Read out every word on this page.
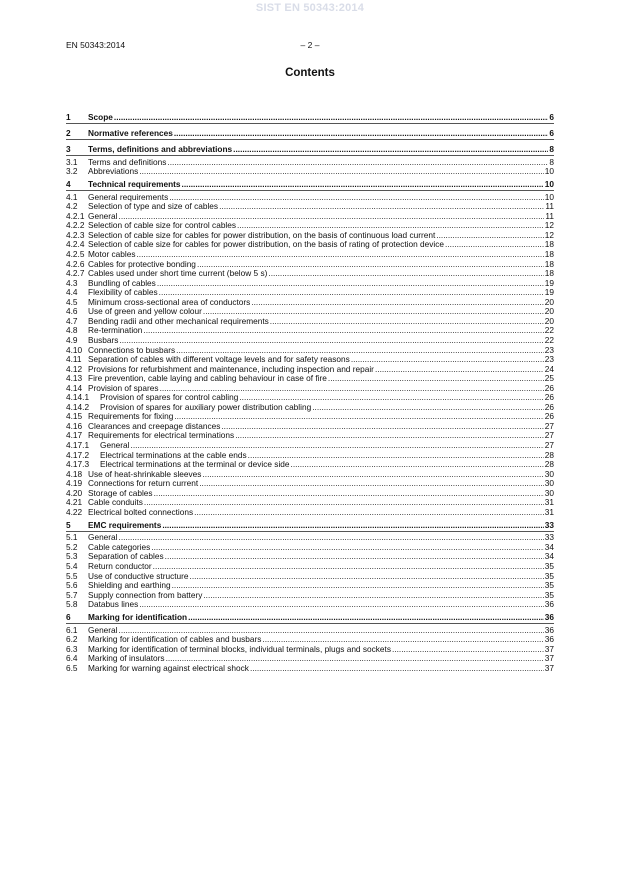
SIST EN 50343:2014
EN 50343:2014	– 2 –
Contents
1 Scope .....	6
2 Normative references .....	6
3 Terms, definitions and abbreviations .....	8
3.1 Terms and definitions .....	8
3.2 Abbreviations .....	10
4 Technical requirements .....	10
4.1 General requirements .....	10
4.2 Selection of type and size of cables .....	11
4.2.1 General .....	11
4.2.2 Selection of cable size for control cables .....	12
4.2.3 Selection of cable size for cables for power distribution, on the basis of continuous load current .....	12
4.2.4 Selection of cable size for cables for power distribution, on the basis of rating of protection device .....	18
4.2.5 Motor cables .....	18
4.2.6 Cables for protective bonding .....	18
4.2.7 Cables used under short time current (below 5 s) .....	18
4.3 Bundling of cables .....	19
4.4 Flexibility of cables .....	19
4.5 Minimum cross-sectional area of conductors .....	20
4.6 Use of green and yellow colour .....	20
4.7 Bending radii and other mechanical requirements .....	20
4.8 Re-termination .....	22
4.9 Busbars .....	22
4.10 Connections to busbars .....	23
4.11 Separation of cables with different voltage levels and for safety reasons .....	23
4.12 Provisions for refurbishment and maintenance, including inspection and repair .....	24
4.13 Fire prevention, cable laying and cabling behaviour in case of fire .....	25
4.14 Provision of spares .....	26
4.14.1 Provision of spares for control cabling .....	26
4.14.2 Provision of spares for auxiliary power distribution cabling .....	26
4.15 Requirements for fixing .....	26
4.16 Clearances and creepage distances .....	27
4.17 Requirements for electrical terminations .....	27
4.17.1 General .....	27
4.17.2 Electrical terminations at the cable ends .....	28
4.17.3 Electrical terminations at the terminal or device side .....	28
4.18 Use of heat-shrinkable sleeves .....	30
4.19 Connections for return current .....	30
4.20 Storage of cables .....	30
4.21 Cable conduits .....	31
4.22 Electrical bolted connections .....	31
5 EMC requirements .....	33
5.1 General .....	33
5.2 Cable categories .....	34
5.3 Separation of cables .....	34
5.4 Return conductor .....	35
5.5 Use of conductive structure .....	35
5.6 Shielding and earthing .....	35
5.7 Supply connection from battery .....	35
5.8 Databus lines .....	36
6 Marking for identification .....	36
6.1 General .....	36
6.2 Marking for identification of cables and busbars .....	36
6.3 Marking for identification of terminal blocks, individual terminals, plugs and sockets .....	37
6.4 Marking of insulators .....	37
6.5 Marking for warning against electrical shock .....	37
